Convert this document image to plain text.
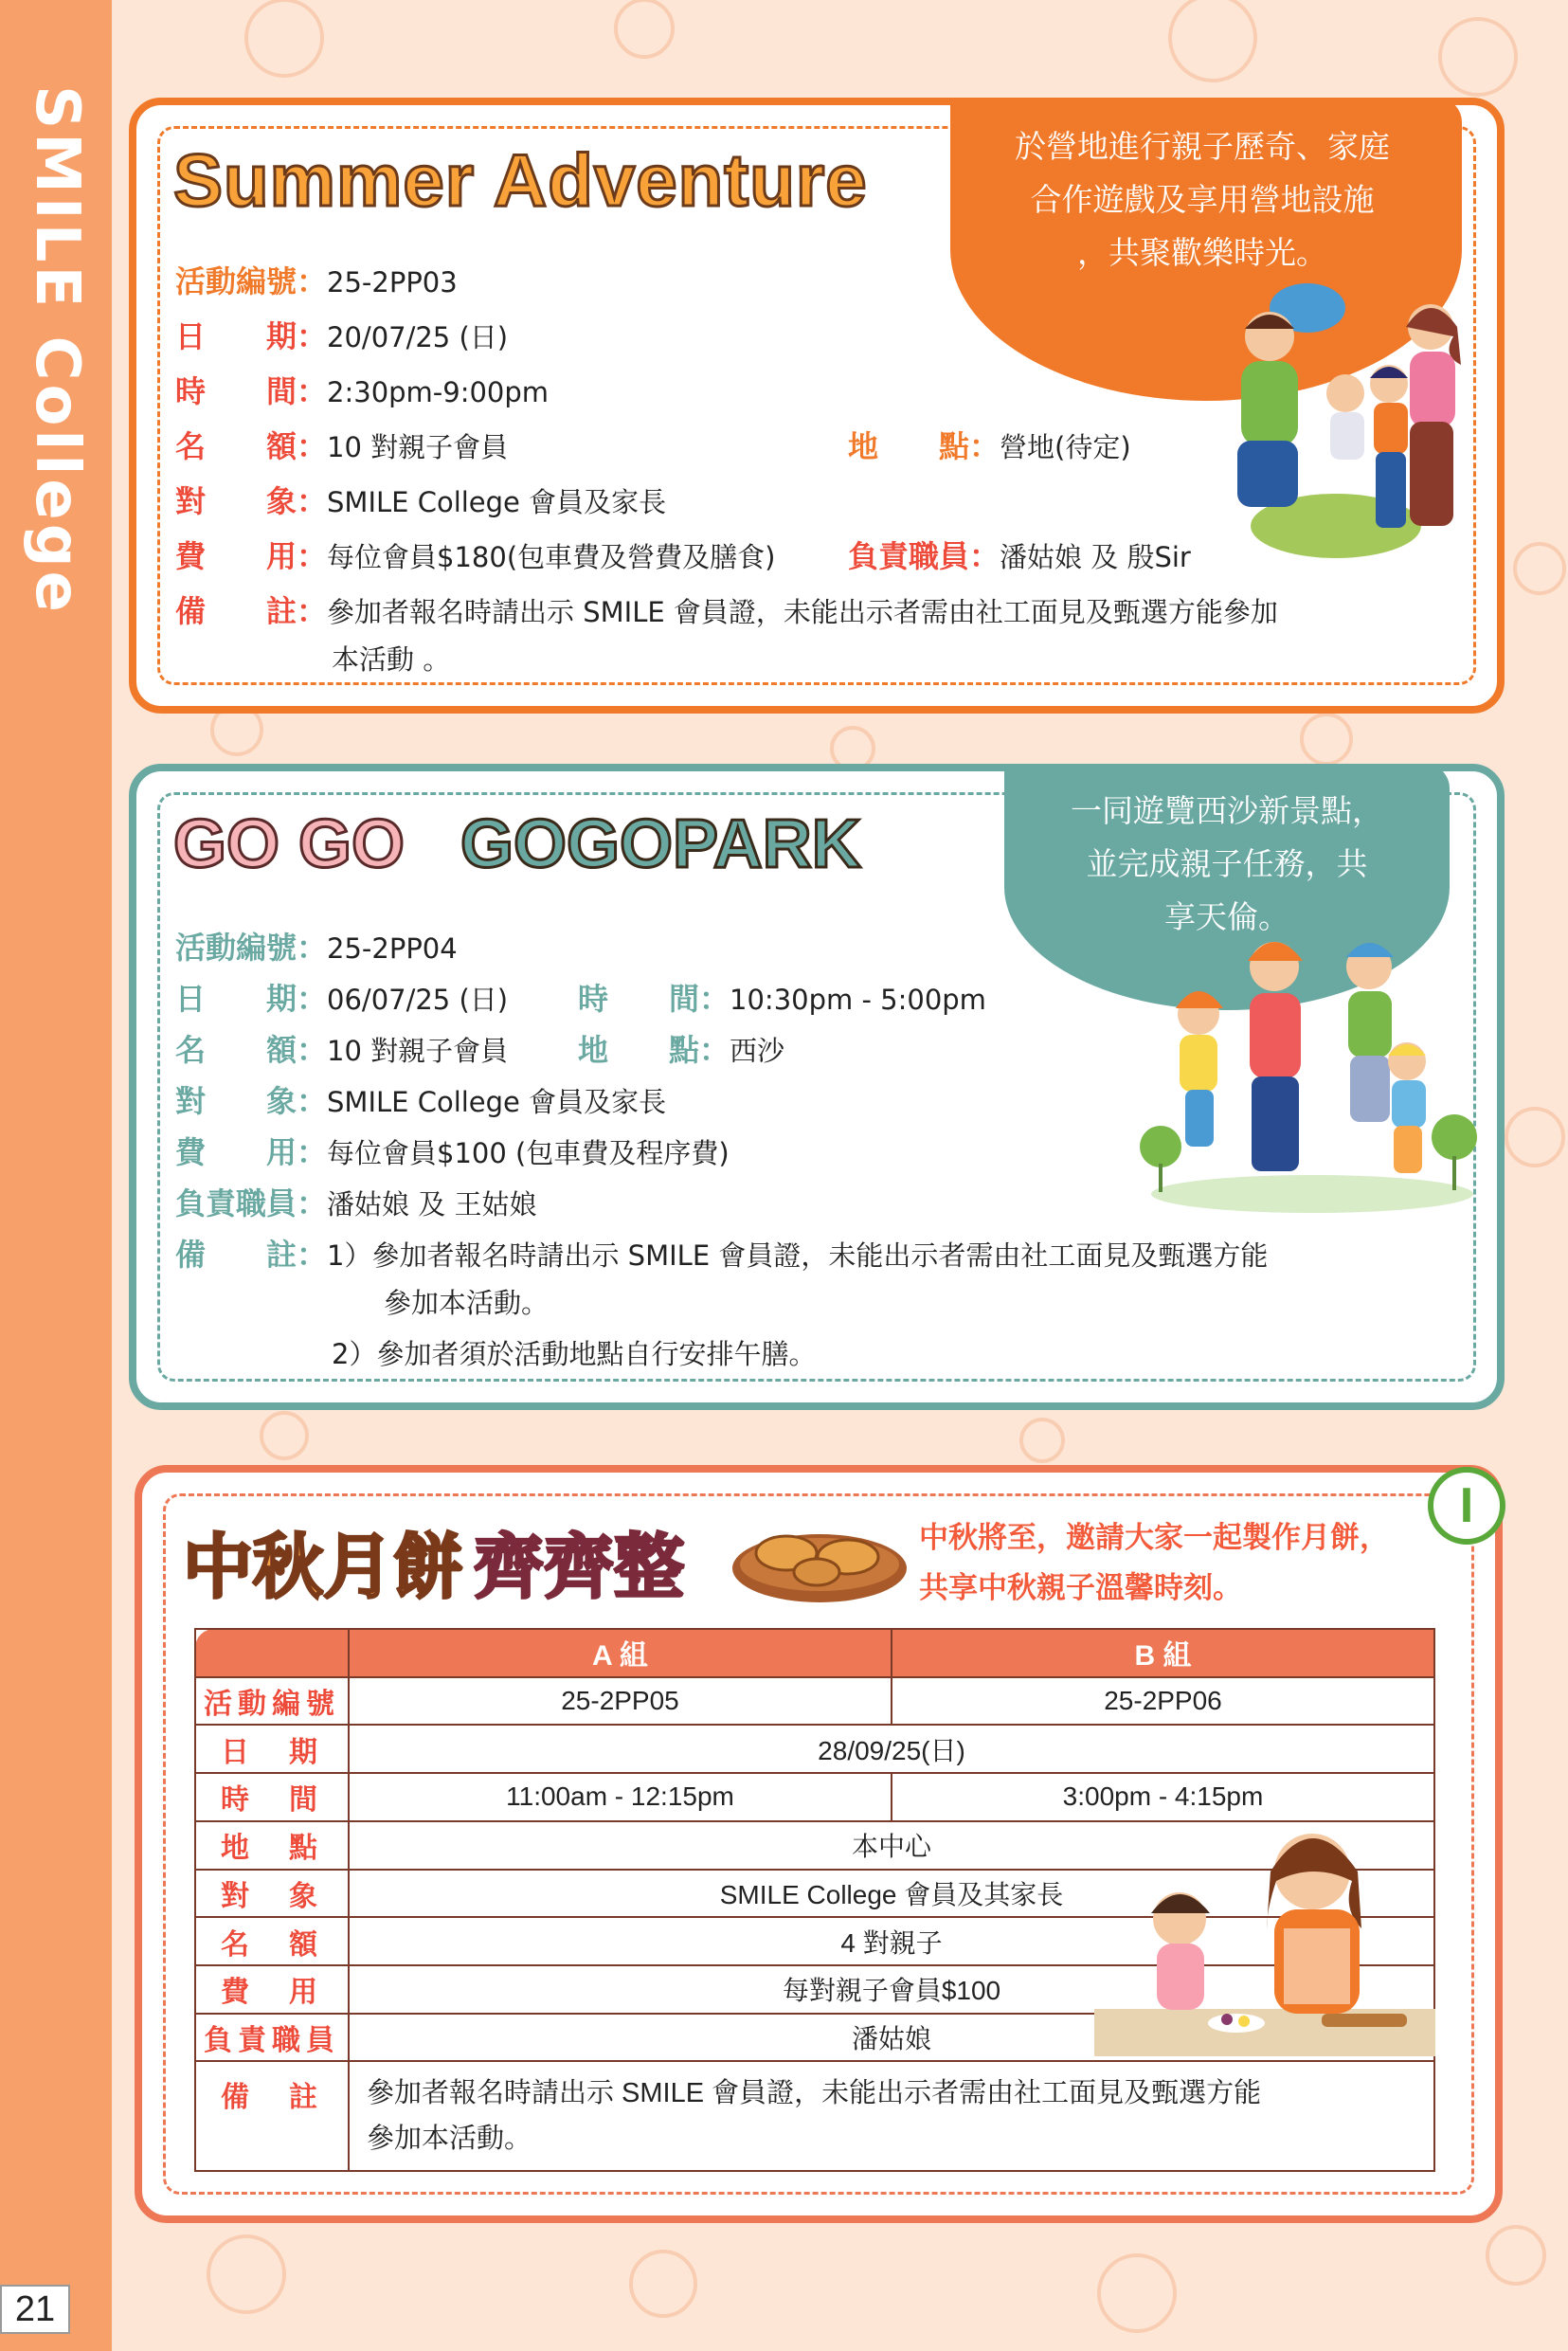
SMILE College
21
於營地進行親子歷奇、家庭
合作遊戲及享用營地設施
，共聚歡樂時光。
Summer Adventure
活動編號：25-2PP03
日　　期：20/07/25 (日)
時　　間：2:30pm-9:00pm
名　　額：10 對親子會員	地　　點：營地(待定)
對　　象：SMILE College 會員及家長
費　　用：每位會員$180(包車費及營費及膳食) 負責職員：潘姑娘 及 殷Sir
備　　註：參加者報名時請出示 SMILE 會員證，未能出示者需由社工面見及甄選方能參加
本活動 。
一同遊覽西沙新景點，
並完成親子任務，共
享天倫。
GO GO GOGOPARK
活動編號：25-2PP04
日　　期：06/07/25 (日) 時　　間：10:30pm - 5:00pm
名　　額：10 對親子會員 地　　點：西沙
對　　象：SMILE College 會員及家長
費　　用：每位會員$100 (包車費及程序費)
負責職員：潘姑娘 及 王姑娘
備　　註：1）參加者報名時請出示 SMILE 會員證，未能出示者需由社工面見及甄選方能
參加本活動。
2）參加者須於活動地點自行安排午膳。
I
中秋月餅 齊齊整	中秋將至，邀請大家一起製作月餅，
共享中秋親子溫馨時刻。
	A 組	B 組
活動編號	25-2PP05	25-2PP06
日　期	28/09/25(日)	
時　間	11:00am - 12:15pm	3:00pm - 4:15pm
地　點	本中心	
對　象	SMILE College 會員及其家長	
名　額	4 對親子	
費　用	每對親子會員$100	
負責職員	潘姑娘	
備　註	參加者報名時請出示 SMILE 會員證，未能出示者需由社工面見及甄選方能
參加本活動。	
